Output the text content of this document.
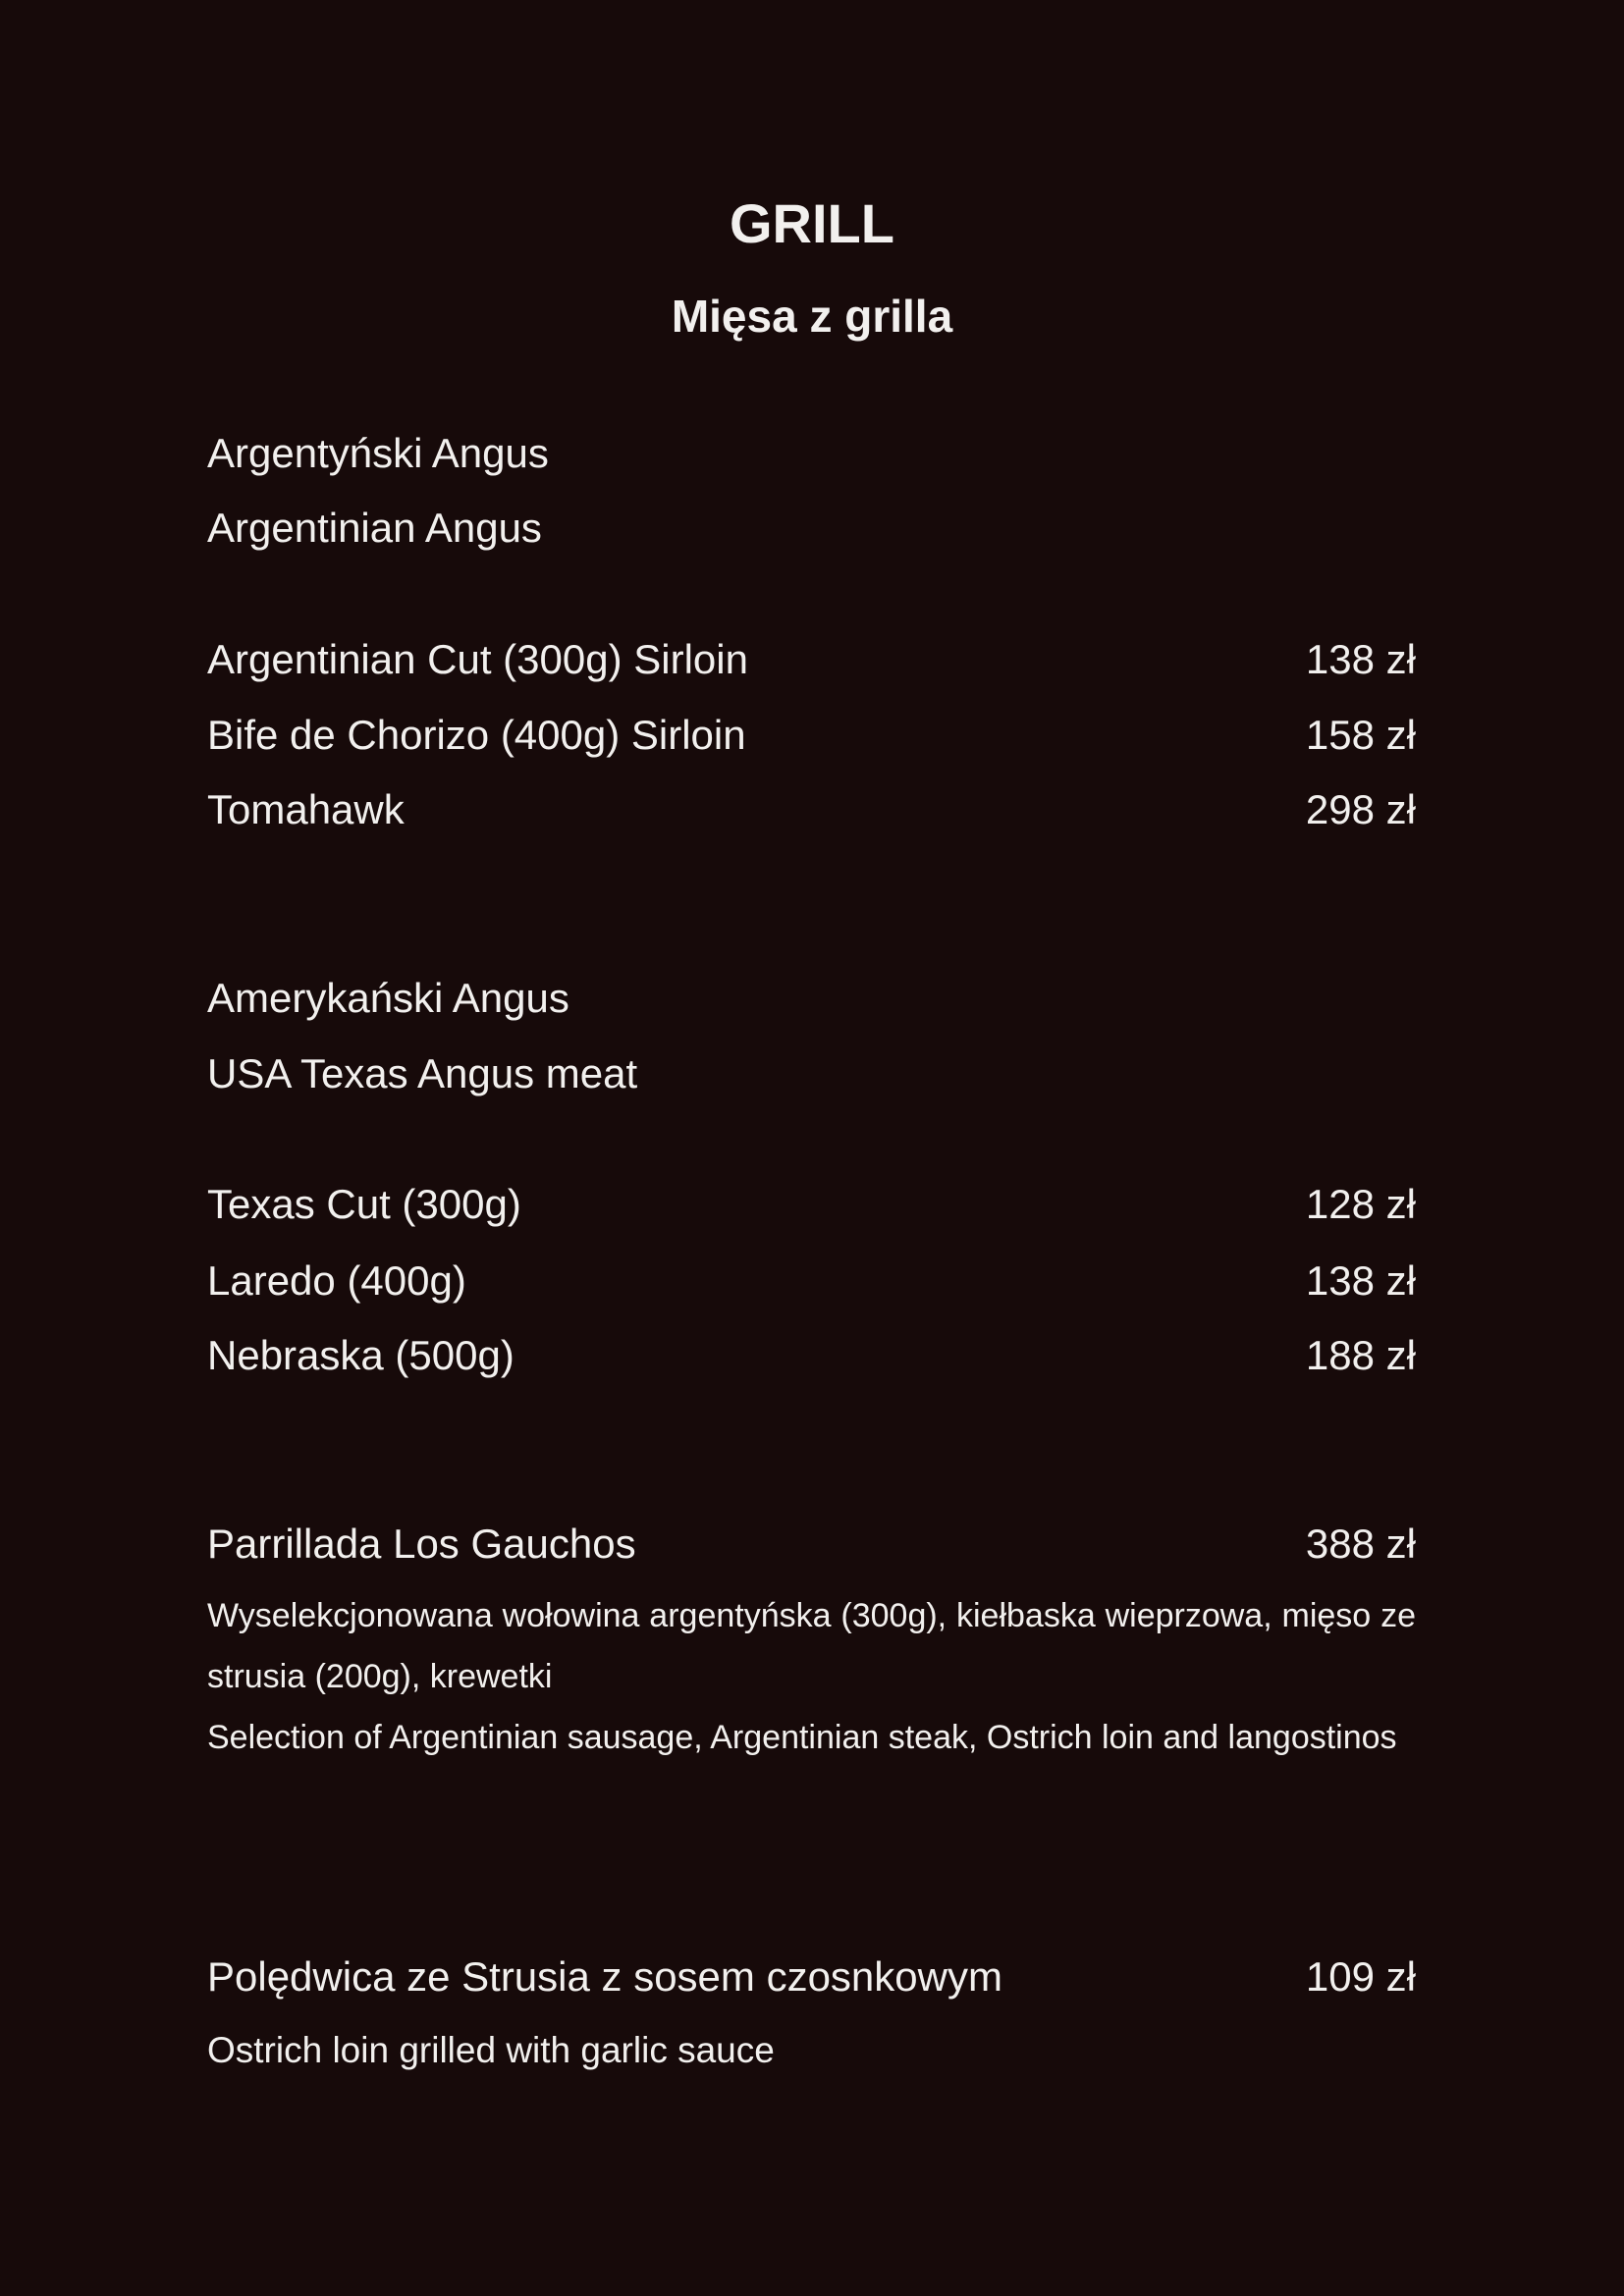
GRILL
Mięsa z grilla
Argentyński Angus
Argentinian Angus
Argentinian Cut (300g) Sirloin	138 zł
Bife de Chorizo (400g) Sirloin	158 zł
Tomahawk	298 zł
Amerykański Angus
USA Texas Angus meat
Texas Cut (300g)	128 zł
Laredo (400g)	138 zł
Nebraska (500g)	188 zł
Parrillada Los Gauchos	388 zł
Wyselekcjonowana wołowina argentyńska (300g), kiełbaska wieprzowa, mięso ze strusia (200g), krewetki
Selection of Argentinian sausage, Argentinian steak, Ostrich loin and langostinos
Polędwica ze Strusia z sosem czosnkowym	109 zł
Ostrich loin grilled with garlic sauce
